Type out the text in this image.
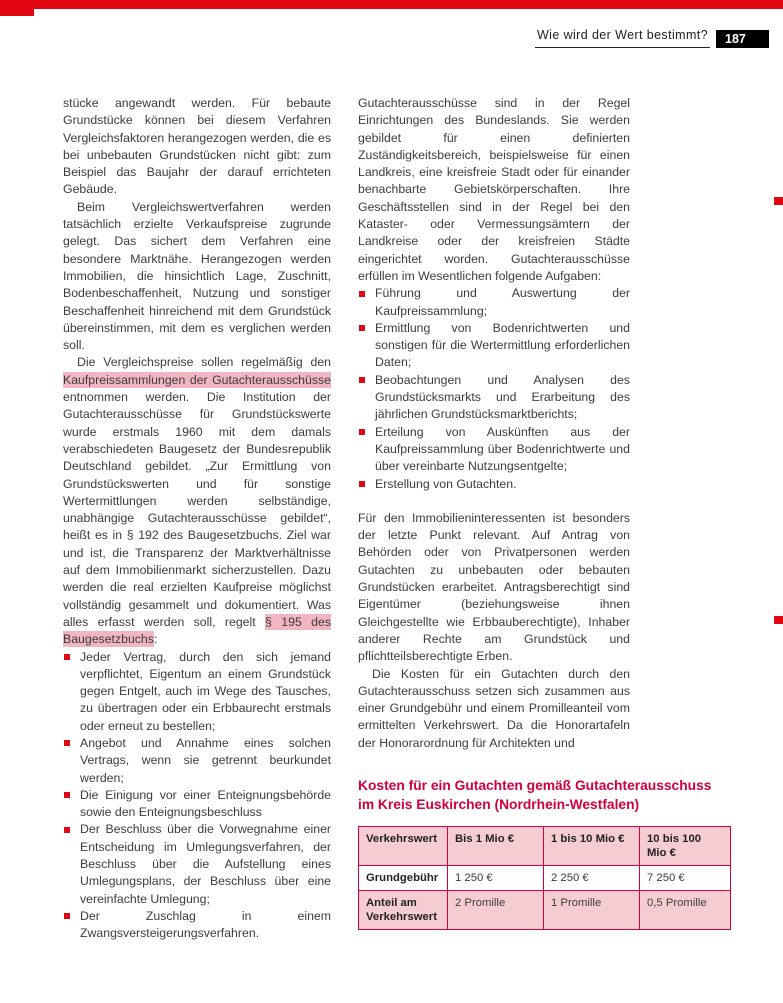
Wie wird der Wert bestimmt?	187

stücke angewandt werden. Für bebaute Grundstücke können bei diesem Verfahren Vergleichsfaktoren herangezogen werden, die es bei unbebauten Grundstücken nicht gibt: zum Beispiel das Baujahr der darauf errichteten Gebäude.

Beim Vergleichswertverfahren werden tatsächlich erzielte Verkaufspreise zugrunde gelegt. Das sichert dem Verfahren eine besondere Marktnähe. Herangezogen werden Immobilien, die hinsichtlich Lage, Zuschnitt, Bodenbeschaffenheit, Nutzung und sonstiger Beschaffenheit hinreichend mit dem Grundstück übereinstimmen, mit dem es verglichen werden soll.

Die Vergleichspreise sollen regelmäßig den Kaufpreissammlungen der Gutachterausschüsse entnommen werden. Die Institution der Gutachterausschüsse für Grundstückswerte wurde erstmals 1960 mit dem damals verabschiedeten Baugesetz der Bundesrepublik Deutschland gebildet. „Zur Ermittlung von Grundstückswerten und für sonstige Wertermittlungen werden selbständige, unabhängige Gutachterausschüsse gebildet“, heißt es in § 192 des Baugesetzbuchs. Ziel war und ist, die Transparenz der Marktverhältnisse auf dem Immobilienmarkt sicherzustellen. Dazu werden die real erzielten Kaufpreise möglichst vollständig gesammelt und dokumentiert. Was alles erfasst werden soll, regelt § 195 des Baugesetzbuchs:

Jeder Vertrag, durch den sich jemand verpflichtet, Eigentum an einem Grundstück gegen Entgelt, auch im Wege des Tausches, zu übertragen oder ein Erbbaurecht erstmals oder erneut zu bestellen;
Angebot und Annahme eines solchen Vertrags, wenn sie getrennt beurkundet werden;
Die Einigung vor einer Enteignungsbehörde sowie den Enteignungsbeschluss
Der Beschluss über die Vorwegnahme einer Entscheidung im Umlegungsverfahren, der Beschluss über die Aufstellung eines Umlegungsplans, der Beschluss über eine vereinfachte Umlegung;
Der Zuschlag in einem Zwangsversteigerungsverfahren.

Gutachterausschüsse sind in der Regel Einrichtungen des Bundeslands. Sie werden gebildet für einen definierten Zuständigkeitsbereich, beispielsweise für einen Landkreis, eine kreisfreie Stadt oder für einander benachbarte Gebietskörperschaften. Ihre Geschäftsstellen sind in der Regel bei den Kataster- oder Vermessungsämtern der Landkreise oder der kreisfreien Städte eingerichtet worden. Gutachterausschüsse erfüllen im Wesentlichen folgende Aufgaben:

Führung und Auswertung der Kaufpreissammlung;
Ermittlung von Bodenrichtwerten und sonstigen für die Wertermittlung erforderlichen Daten;
Beobachtungen und Analysen des Grundstücksmarkts und Erarbeitung des jährlichen Grundstücksmarktberichts;
Erteilung von Auskünften aus der Kaufpreissammlung über Bodenrichtwerte und über vereinbarte Nutzungsentgelte;
Erstellung von Gutachten.

Für den Immobilieninteressenten ist besonders der letzte Punkt relevant. Auf Antrag von Behörden oder von Privatpersonen werden Gutachten zu unbebauten oder bebauten Grundstücken erarbeitet. Antragsberechtigt sind Eigentümer (beziehungsweise ihnen Gleichgestellte wie Erbbauberechtigte), Inhaber anderer Rechte am Grundstück und pflichtteilsberechtigte Erben.

Die Kosten für ein Gutachten durch den Gutachterausschuss setzen sich zusammen aus einer Grundgebühr und einem Promilleanteil vom ermittelten Verkehrswert. Da die Honorartafeln der Honorarordnung für Architekten und

Kosten für ein Gutachten gemäß Gutachterausschuss im Kreis Euskirchen (Nordrhein-Westfalen)
Verkehrswert	Bis 1 Mio €	1 bis 10 Mio €	10 bis 100 Mio €
Grundgebühr	1 250 €	2 250 €	7 250 €
Anteil am Verkehrswert	2 Promille	1 Promille	0,5 Promille
